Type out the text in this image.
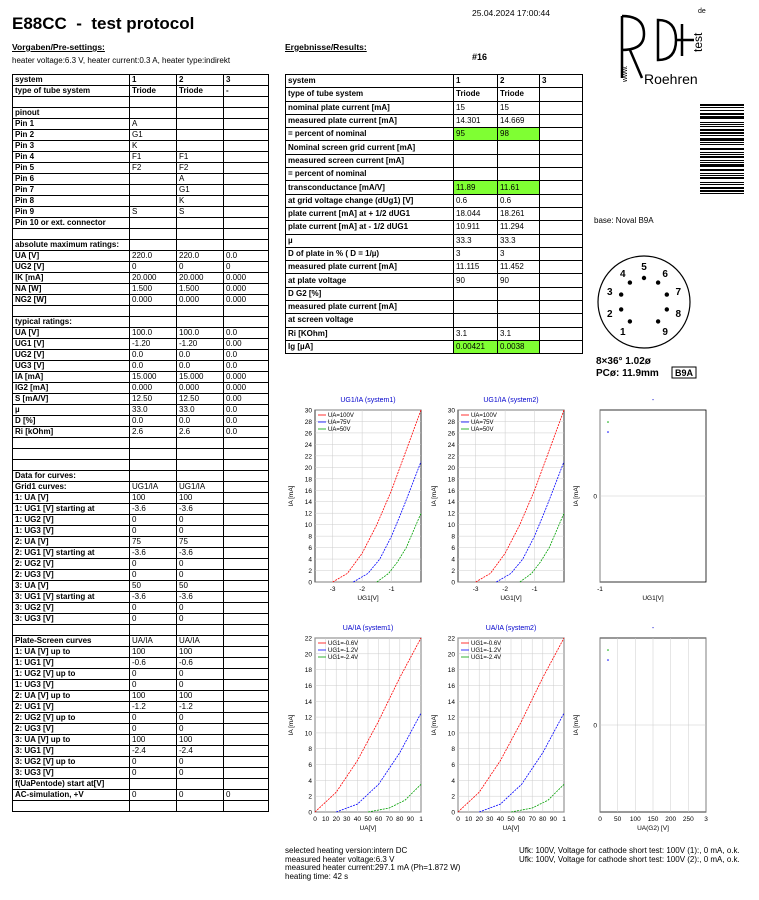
E88CC  -  test protocol
25.04.2024 17:00:44
Roehren
www.
test
de
Vorgaben/Pre-settings:
heater voltage:6.3 V, heater current:0.3 A, heater type:indirekt
Ergebnisse/Results:
#16
system	1	2	3
type of tube system	Triode	Triode	-

pinout			
Pin 1	A		
Pin 2	G1		
Pin 3	K		
Pin 4	F1	F1	
Pin 5	F2	F2	
Pin 6		A	
Pin 7		G1	
Pin 8		K	
Pin 9	S	S	
Pin 10 or ext. connector			

absolute maximum ratings:			
UA [V]	220.0	220.0	0.0
UG2 [V]	0	0	0
IK [mA]	20.000	20.000	0.000
NA [W]	1.500	1.500	0.000
NG2 [W]	0.000	0.000	0.000

typical ratings:			
UA [V]	100.0	100.0	0.0
UG1 [V]	-1.20	-1.20	0.00
UG2 [V]	0.0	0.0	0.0
UG3 [V]	0.0	0.0	0.0
IA [mA]	15.000	15.000	0.000
IG2 [mA]	0.000	0.000	0.000
S [mA/V]	12.50	12.50	0.00
µ	33.0	33.0	0.0
D [%]	0.0	0.0	0.0
Ri [kOhm]	2.6	2.6	0.0

Data for curves:			
Grid1 curves:	UG1/IA	UG1/IA	
1: UA [V]	100	100	
1: UG1 [V] starting at	-3.6	-3.6	
1: UG2 [V]	0	0	
1: UG3 [V]	0	0	
2: UA [V]	75	75	
2: UG1 [V] starting at	-3.6	-3.6	
2: UG2 [V]	0	0	
2: UG3 [V]	0	0	
3: UA [V]	50	50	
3: UG1 [V] starting at	-3.6	-3.6	
3: UG2 [V]	0	0	
3: UG3 [V]	0	0	

Plate-Screen curves	UA/IA	UA/IA	
1: UA [V] up to	100	100	
1: UG1 [V]	-0.6	-0.6	
1: UG2 [V] up to	0	0	
1: UG3 [V]	0	0	
2: UA [V] up to	100	100	
2: UG1 [V]	-1.2	-1.2	
2: UG2 [V] up to	0	0	
2: UG3 [V]	0	0	
3: UA [V] up to	100	100	
3: UG1 [V]	-2.4	-2.4	
3: UG2 [V] up to	0	0	
3: UG3 [V]	0	0	
f(UaPentode) start at[V]			
AC-simulation, +V	0	0	0

system	1	2	3
type of tube system	Triode	Triode	
nominal plate current [mA]	15	15	
measured plate current [mA]	14.301	14.669	
= percent of nominal	95	98	
Nominal screen grid current [mA]			
measured screen current [mA]			
= percent of nominal			
transconductance [mA/V]	11.89	11.61	
at grid voltage change (dUg1) [V]	0.6	0.6	
plate current [mA] at + 1/2 dUG1	18.044	18.261	
plate current [mA] at - 1/2 dUG1	10.911	11.294	
µ	33.3	33.3	
D of plate in % ( D = 1/µ)	3	3	
measured plate current [mA]	11.115	11.452	
at plate voltage	90	90	
D G2 [%]			
measured plate current [mA]			
at screen voltage			
Ri [KOhm]	3.1	3.1	
Ig [µA]	0.00421	0.0038	
base: Noval B9A
1
2
3
4
5
6
7
8
9
8×36° 1.02ø
PCø: 11.9mm B9A
UG1/IA (system1)
0
2
4
6
8
10
12
14
16
18
20
22
24
26
28
30
-3	-2	-1
UG1[V]
IA [mA]
UA=100V
UA=75V
UA=50V
UG1/IA (system2)
0
2
4
6
8
10
12
14
16
18
20
22
24
26
28
30
-3	-2	-1
UG1[V]
IA [mA]
UA=100V
UA=75V
UA=50V
-
0
-1
UG1[V]
IA [mA]
UA/IA (system1)
0
2
4
6
8
10
12
14
16
18
20
22
0 10 20 30 40 50 60 70 80 90 1
UA[V]
IA [mA]
UG1=-0.6V
UG1=-1.2V
UG1=-2.4V
UA/IA (system2)
0
2
4
6
8
10
12
14
16
18
20
22
0 10 20 30 40 50 60 70 80 90 1
UA[V]
IA [mA]
UG1=-0.6V
UG1=-1.2V
UG1=-2.4V
-
0
0 50 100 150 200 250 3
UA(G2) [V]
IA [mA]
selected heating version:intern DC
measured heater voltage:6.3 V
measured heater current:297.1 mA (Ph=1.872 W)
heating time: 42 s
Ufk: 100V, Voltage for cathode short test: 100V (1):, 0 mA, o.k.
Ufk: 100V, Voltage for cathode short test: 100V (2):, 0 mA, o.k.
